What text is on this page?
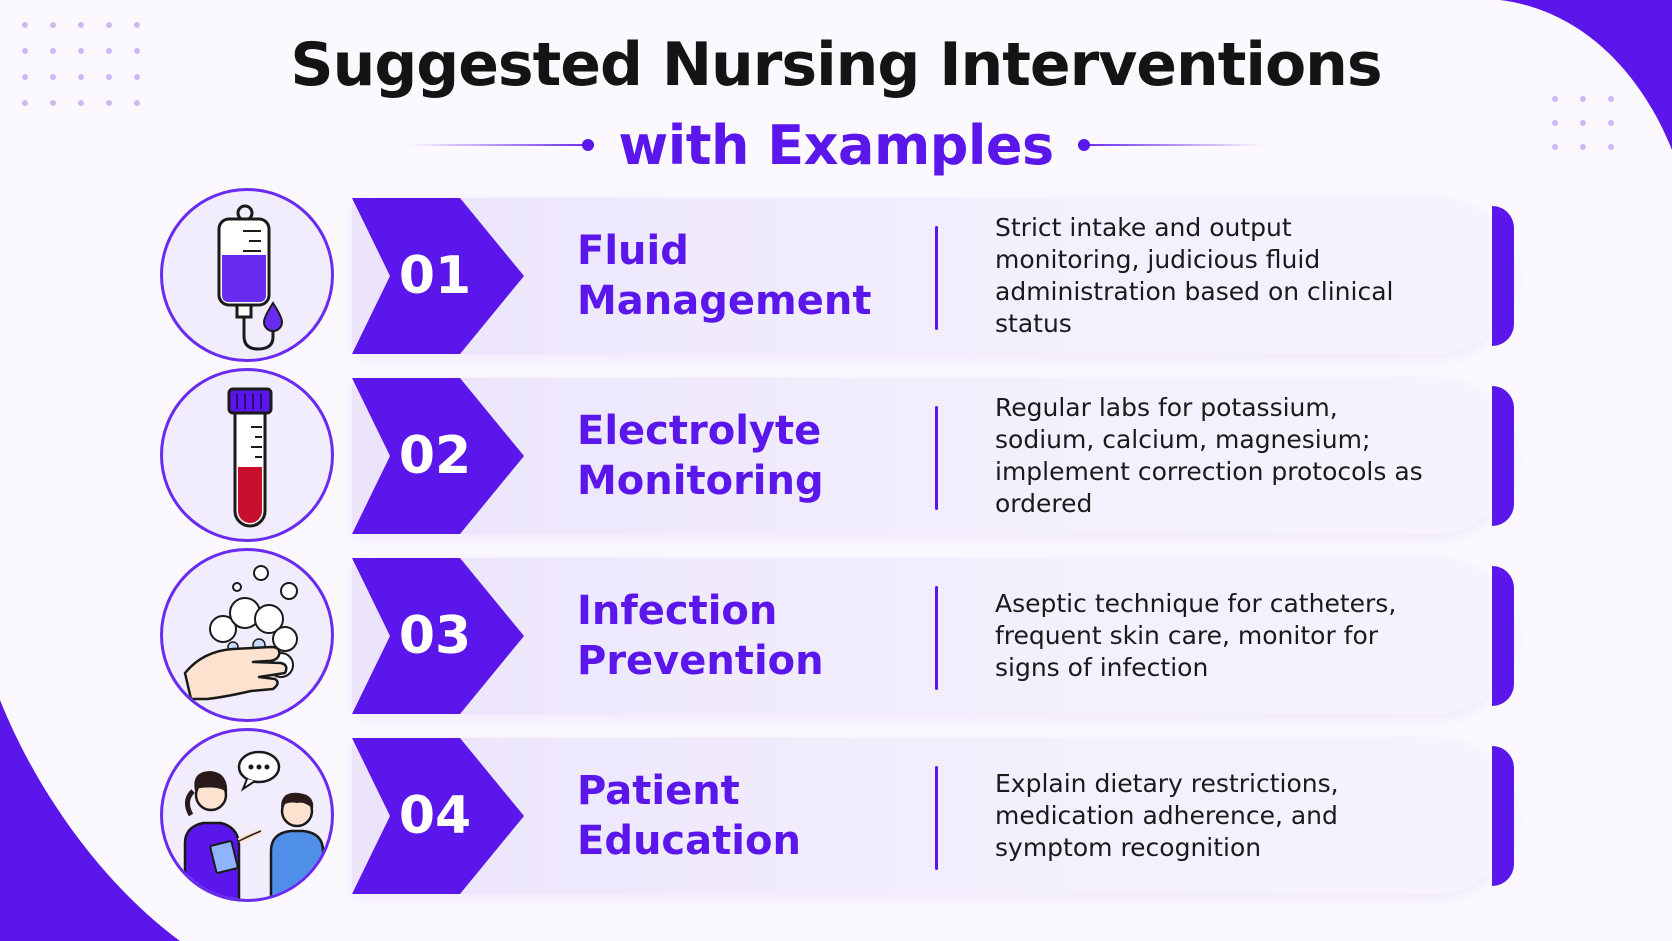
Suggested Nursing Interventions
with Examples
01	Fluid
Management
Strict intake and output monitoring, judicious fluid administration based on clinical status
02	Electrolyte
Monitoring
Regular labs for potassium, sodium, calcium, magnesium; implement correction protocols as ordered
03	Infection
Prevention
Aseptic technique for catheters, frequent skin care, monitor for signs of infection
04	Patient
Education
Explain dietary restrictions, medication adherence, and symptom recognition
